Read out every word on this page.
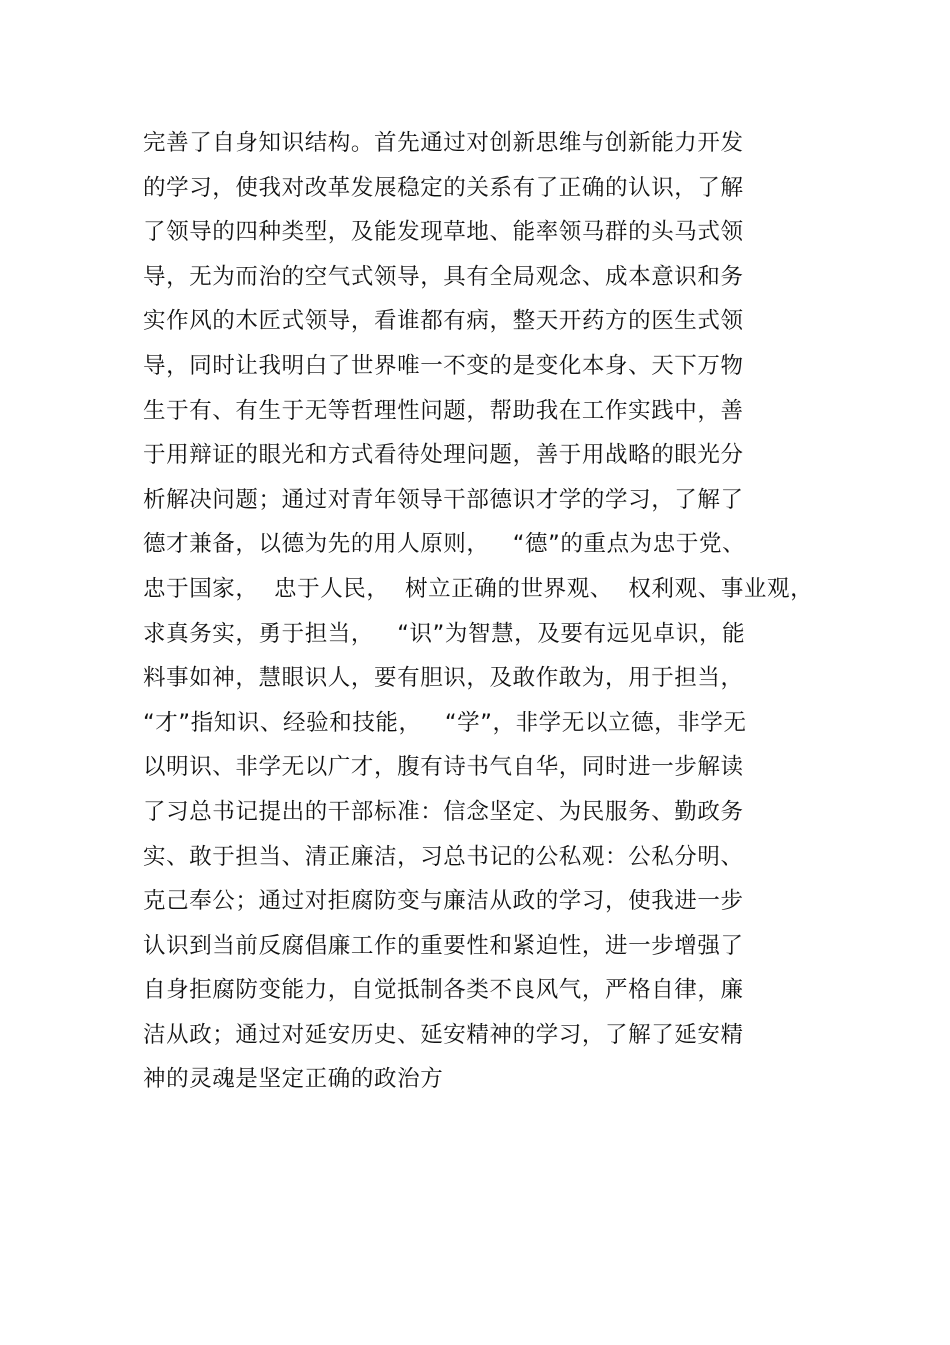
完善了自身知识结构。首先通过对创新思维与创新能力开发
的学习，使我对改革发展稳定的关系有了正确的认识，了解
了领导的四种类型，及能发现草地、能率领马群的头马式领
导，无为而治的空气式领导，具有全局观念、成本意识和务
实作风的木匠式领导，看谁都有病，整天开药方的医生式领
导，同时让我明白了世界唯一不变的是变化本身、天下万物
生于有、有生于无等哲理性问题，帮助我在工作实践中，善
于用辩证的眼光和方式看待处理问题，善于用战略的眼光分
析解决问题；通过对青年领导干部德识才学的学习，了解了
德才兼备，以德为先的用人原则，   “德”的重点为忠于党、
忠于国家，  忠于人民，  树立正确的世界观、  权利观、事业观，
求真务实，勇于担当，   “识”为智慧，及要有远见卓识，能
料事如神，慧眼识人，要有胆识，及敢作敢为，用于担当，
“才”指知识、经验和技能，   “学”，非学无以立德，非学无
以明识、非学无以广才，腹有诗书气自华，同时进一步解读
了习总书记提出的干部标准：信念坚定、为民服务、勤政务
实、敢于担当、清正廉洁，习总书记的公私观：公私分明、
克己奉公；通过对拒腐防变与廉洁从政的学习，使我进一步
认识到当前反腐倡廉工作的重要性和紧迫性，进一步增强了
自身拒腐防变能力，自觉抵制各类不良风气，严格自律，廉
洁从政；通过对延安历史、延安精神的学习，了解了延安精
神的灵魂是坚定正确的政治方
